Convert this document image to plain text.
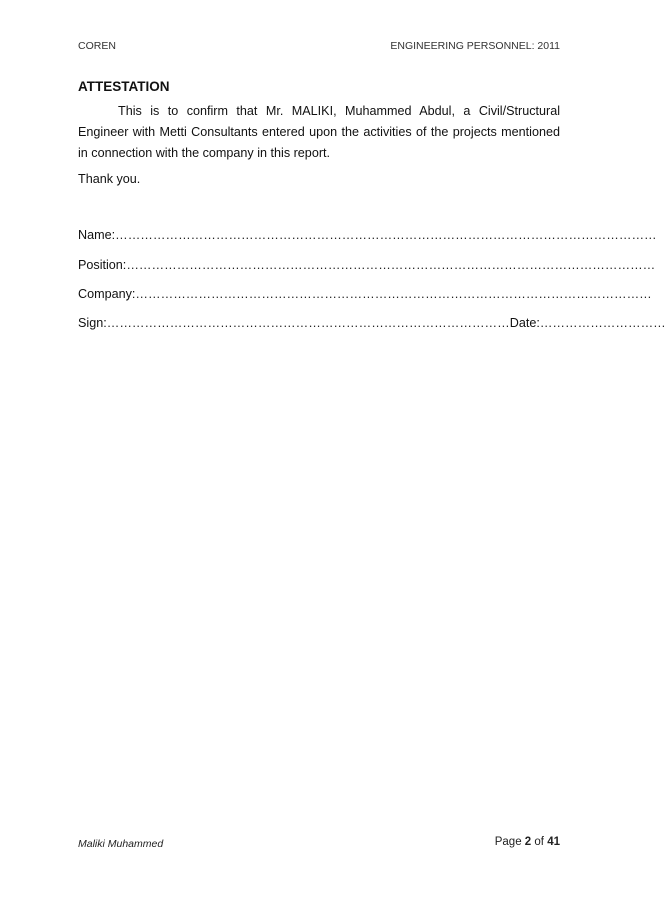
COREN	ENGINEERING PERSONNEL: 2011
ATTESTATION
This is to confirm that Mr. MALIKI, Muhammed Abdul, a Civil/Structural Engineer with Metti Consultants entered upon the activities of the projects mentioned in connection with the company in this report.
Thank you.
Name:…………………………………………………………………………………………………………………
Position:………………………………………………………………………………………………………………
Company:……………………………………………………………………………………………………………
Sign:……………………………………………………………………………………Date:…………………………
Maliki Muhammed	Page 2 of 41
